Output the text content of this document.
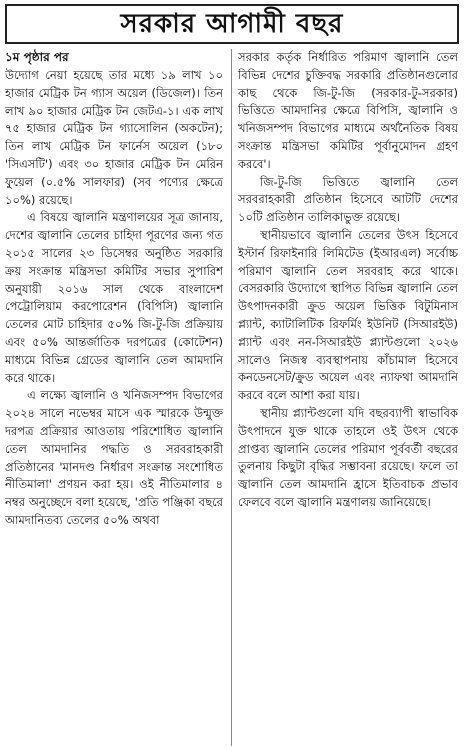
সরকার আগামী বছর
১ম পৃষ্ঠার পর

উদ্যোগ নেয়া হয়েছে তার মধ্যে ১৯ লাখ ১০ হাজার মেট্রিক টন গ্যাস অয়েল (ডিজেল)। তিন লাখ ৯০ হাজার মেট্রিক টন জেটএ-১। এক লাখ ৭৫ হাজার মেট্রিক টন গ্যাসোলিন (অকটেন); তিন লাখ মেট্রিক টন ফার্নেস অয়েল (১৮০ 'সিএসটি') এবং ৩০ হাজার মেট্রিক টন মেরিন ফুয়েল (০.৫% সালফার) (সব পণ্যের ক্ষেত্রে ১০%) রয়েছে।

এ বিষয়ে জ্বালানি মন্ত্রণালয়ের সূত্র জানায়, দেশের জ্বালানি তেলের চাহিদা পূরণের জন্য গত ২০১৫ সালের ২৩ ডিসেম্বর অনুষ্ঠিত সরকারি ক্রয় সংক্রান্ত মন্ত্রিসভা কমিটির সভার সুপারিশ অনুযায়ী ২০১৬ সাল থেকে বাংলাদেশ পেট্রোলিয়াম করপোরেশন (বিপিসি) জ্বালানি তেলের মোট চাহিদার ৫০% জি-টু-জি প্রক্রিয়ায় এবং ৫০% আন্তর্জাতিক দরপত্রের (কোটেশন) মাধ্যমে বিভিন্ন গ্রেডের জ্বালানি তেল আমদানি করে থাকে।

এ লক্ষ্যে জ্বালানি ও খনিজসম্পদ বিভাগের ২০২৪ সালে নভেম্বর মাসে এক স্মারকে উন্মুক্ত দরপত্র প্রক্রিয়ার আওতায় পরিশোধিত জ্বালানি তেল আমদানির পদ্ধতি ও সরবরাহকারী প্রতিষ্ঠানের 'মানদণ্ড নির্ধারণ সংক্রান্ত সংশোধিত নীতিমালা' প্রণয়ন করা হয়। ওই নীতিমালার ৪ নম্বর অনুচ্ছেদে বলা হয়েছে, 'প্রতি পঞ্জিকা বছরে আমদানিতব্য তেলের ৫০% অথবা

সরকার কর্তৃক নির্ধারিত পরিমাণ জ্বালানি তেল বিভিন্ন দেশের চুক্তিবদ্ধ সরকারি প্রতিষ্ঠানগুলোর কাছ থেকে জি-টু-জি (সরকার-টু-সরকার) ভিত্তিতে আমদানির ক্ষেত্রে বিপিসি, জ্বালানি ও খনিজসম্পদ বিভাগের মাধ্যমে অর্থনৈতিক বিষয় সংক্রান্ত মন্ত্রিসভা কমিটির পূর্বানুমোদন গ্রহণ করবে'।

জি-টু-জি ভিত্তিতে জ্বালানি তেল সরবরাহকারী প্রতিষ্ঠান হিসেবে আটটি দেশের ১০টি প্রতিষ্ঠান তালিকাভুক্ত রয়েছে।

স্থানীয়ভাবে জ্বালানি তেলের উৎস হিসেবে ইস্টার্ন রিফাইনারি লিমিটেড (ইআরএল) সর্বোচ্চ পরিমাণ জ্বালানি তেল সরবরাহ করে থাকে। বেসরকারি উদ্যোগে স্থাপিত বিভিন্ন জ্বালানি তেল উৎপাদনকারী ক্রুড অয়েল ভিত্তিক বিটুমিনাস প্ল্যান্ট, ক্যাটালিটিক রিফর্মিং ইউনিট (সিআরইউ) প্ল্যান্ট এবং নন-সিআরইউ প্ল্যান্টগুলো ২০২৬ সালেও নিজস্ব ব্যবস্থাপনায় কাঁচামাল হিসেবে কনডেনসেট/ক্রুড অয়েল এবং ন্যাফথা আমদানি করবে বলে আশা করা যায়।

স্থানীয় প্ল্যান্টগুলো যদি বছরব্যাপী স্বাভাবিক উৎপাদনে যুক্ত থাকে তাহলে ওই উৎস থেকে প্রাপ্তব্য জ্বালানি তেলের পরিমাণ পূর্ববর্তী বছরের তুলনায় কিছুটা বৃদ্ধির সম্ভাবনা রয়েছে। ফলে তা জ্বালানি তেল আমদানি হ্রাসে ইতিবাচক প্রভাব ফেলবে বলে জ্বালানি মন্ত্রণালয় জানিয়েছে।
